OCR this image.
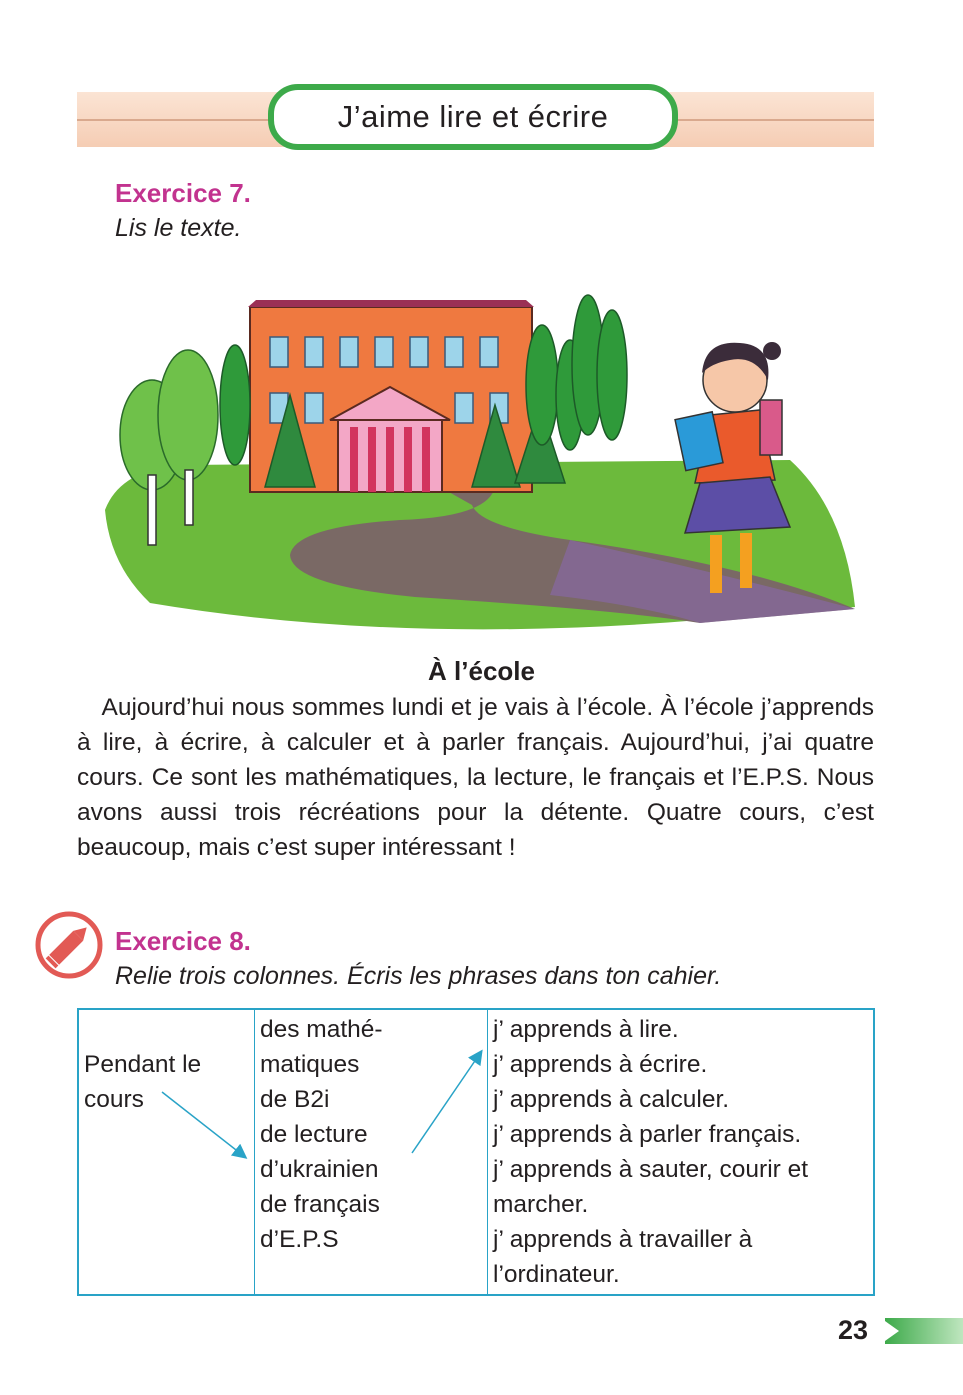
J’aime lire et écrire
Exercice 7.
Lis le texte.
À l’école
 Aujourd’hui nous sommes lundi et je vais à l’école. À l’école j’apprends à lire, à écrire, à calculer et à parler français. Aujourd’hui, j’ai quatre cours. Ce sont les mathématiques, la lecture, le français et l’E.P.S. Nous avons aussi trois récréations pour la détente. Quatre cours, c’est beaucoup, mais c’est super intéressant !
Exercice 8.
Relie trois colonnes. Écris les phrases dans ton cahier.
Pendant le
cours

des mathé-
matiques
de B2i
de lecture
d’ukrainien
de français
d’E.P.S

j’ apprends à lire.
j’ apprends à écrire.
j’ apprends à calculer.
j’ apprends à parler français.
j’ apprends à sauter, courir et
marcher.
j’ apprends à travailler à
l’ordinateur.
23
